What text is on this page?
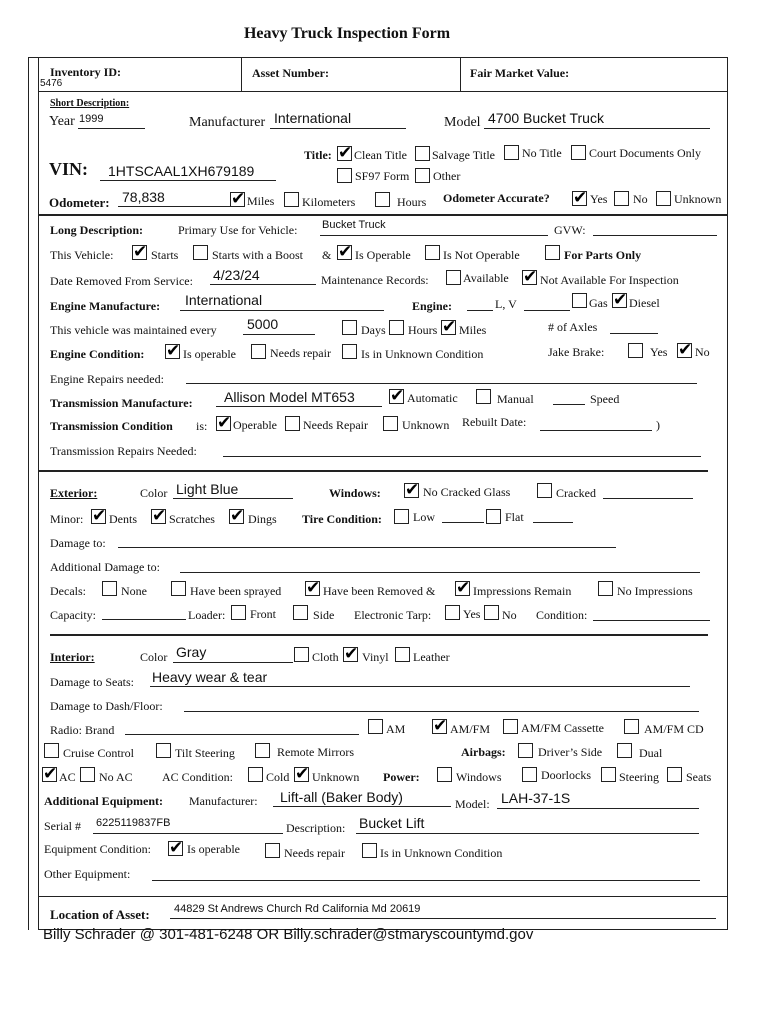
Heavy Truck Inspection Form
Inventory ID:
5476
Asset Number:	Fair Market Value:
Short Description:
Year 1999	Manufacturer International	Model 4700 Bucket Truck
VIN: 1HTSCAAL1XH679189
Title: ✔ Clean Title Salvage Title No Title Court Documents Only
SF97 Form Other
Odometer: 78,838 ✔	Miles Kilometers	Hours Odometer Accurate? ✔	Yes No Unknown
Long Description:	Primary Use for Vehicle: Bucket Truck	GVW:
This Vehicle: ✔	Starts	Starts with a Boost & ✔ Is Operable	Is Not Operable	For Parts Only
Date Removed From Service: 4/23/24	Maintenance Records:	Available ✔	Not Available For Inspection
Engine Manufacture: International	Engine:	L, V	Gas ✔ Diesel
This vehicle was maintained every 5000	Days Hours ✔ Miles	# of Axles
Engine Condition: ✔	Is operable	Needs repair	Is in Unknown Condition	Jake Brake:	Yes ✔ No
Engine Repairs needed:
Transmission Manufacture: Allison Model MT653 ✔	Automatic	Manual	Speed
Transmission Condition is: ✔ Operable Needs Repair	Unknown Rebuilt Date:	)
Transmission Repairs Needed:
Exterior:	Color Light Blue	Windows: ✔	No Cracked Glass	Cracked
Minor: ✔ Dents ✔	Scratches ✔	Dings Tire Condition:	Low	Flat
Damage to:
Additional Damage to:
Decals:	None	Have been sprayed ✔	Have been Removed & ✔	Impressions Remain	No Impressions
Capacity:	Loader: Front	Side Electronic Tarp:	Yes No Condition:
Interior:	Color Gray	Cloth ✔ Vinyl Leather
Damage to Seats: Heavy wear & tear
Damage to Dash/Floor:
Radio: Brand	AM ✔	AM/FM	AM/FM Cassette	AM/FM CD
Cruise Control	Tilt Steering	Remote Mirrors	Airbags:	Driver’s Side	Dual
✔
AC No AC AC Condition:	Cold ✔ Unknown Power:	Windows	Doorlocks Steering Seats
Additional Equipment: Manufacturer: Lift-all (Baker Body)	Model: LAH-37-1S
Serial # 6225119837FB	Description: Bucket Lift
Equipment Condition: ✔	Is operable	Needs repair	Is in Unknown Condition
Other Equipment:
Location of Asset: 44829 St Andrews Church Rd California Md 20619
Billy Schrader @ 301-481-6248 OR Billy.schrader@stmaryscountymd.gov
